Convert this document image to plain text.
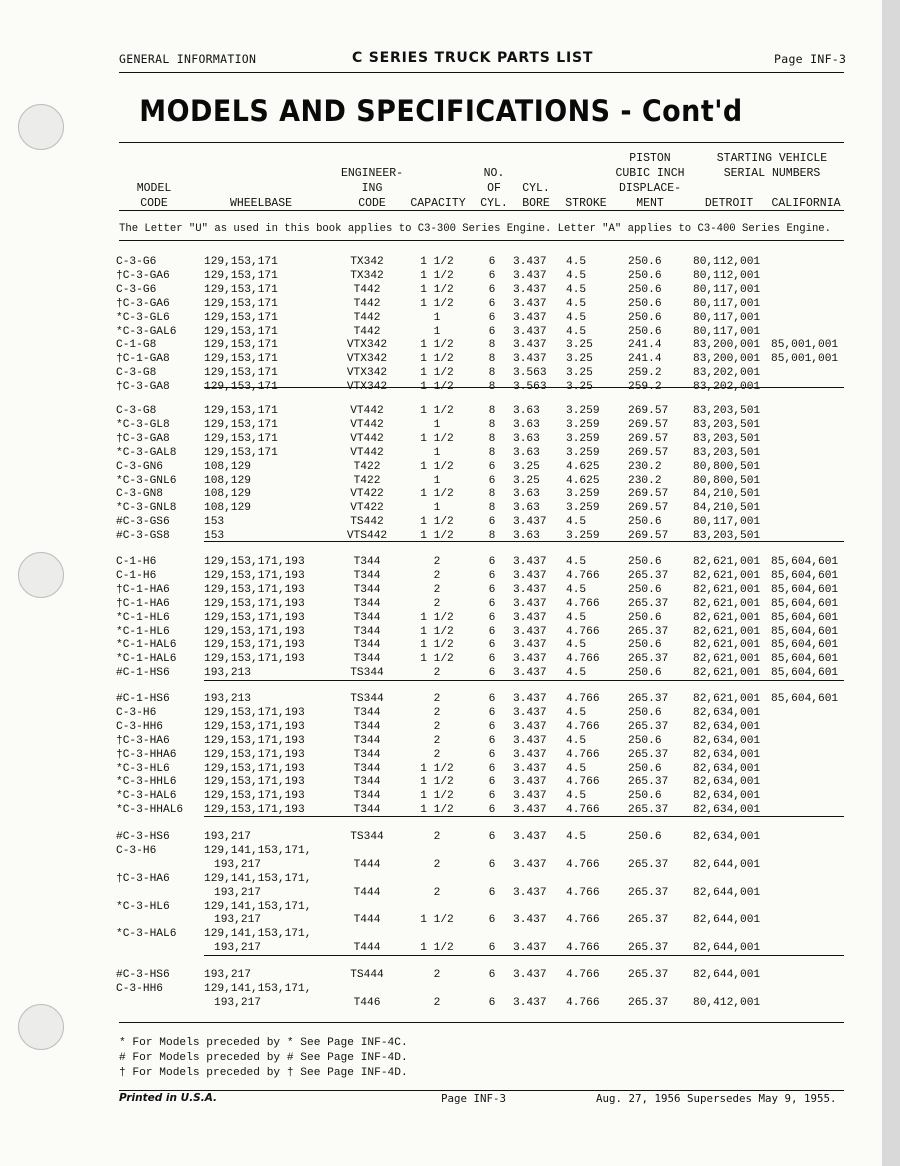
GENERAL INFORMATION	C SERIES TRUCK PARTS LIST	Page INF-3
MODELS AND SPECIFICATIONS - Cont'd
MODEL
CODE	WHEELBASE
ENGINEER-
ING
CODE	CAPACITY
NO.
OF
CYL.
CYL.
BORE	STROKE
PISTON
CUBIC INCH
DISPLACE-
MENT
STARTING VEHICLE
SERIAL NUMBERS
DETROIT	CALIFORNIA
The Letter "U" as used in this book applies to C3-300 Series Engine. Letter "A" applies to C3-400 Series Engine.
C-3-G6	129,153,171	TX342	1 1/2	6	3.437 4.5	250.6	80,112,001
†C-3-GA6	129,153,171	TX342	1 1/2	6	3.437 4.5	250.6	80,112,001
C-3-G6	129,153,171	T442	1 1/2	6	3.437 4.5	250.6	80,117,001
†C-3-GA6	129,153,171	T442	1 1/2	6	3.437 4.5	250.6	80,117,001
*C-3-GL6	129,153,171	T442	1	6	3.437 4.5	250.6	80,117,001
*C-3-GAL6 129,153,171	T442	1	6	3.437 4.5	250.6	80,117,001
C-1-G8	129,153,171	VTX342	1 1/2	8	3.437 3.25	241.4	83,200,001 85,001,001
†C-1-GA8	129,153,171	VTX342	1 1/2	8	3.437 3.25	241.4	83,200,001 85,001,001
C-3-G8	129,153,171	VTX342	1 1/2	8	3.563 3.25	259.2	83,202,001
†C-3-GA8	129,153,171	VTX342	1 1/2	8	3.563 3.25	259.2	83,202,001
C-3-G8	129,153,171	VT442	1 1/2	8	3.63 3.259	269.57 83,203,501
*C-3-GL8	129,153,171	VT442	1	8	3.63 3.259	269.57 83,203,501
†C-3-GA8	129,153,171	VT442	1 1/2	8	3.63 3.259	269.57 83,203,501
*C-3-GAL8 129,153,171	VT442	1	8	3.63 3.259	269.57 83,203,501
C-3-GN6	108,129	T422	1 1/2	6	3.25 4.625	230.2	80,800,501
*C-3-GNL6 108,129	T422	1	6	3.25 4.625	230.2	80,800,501
C-3-GN8	108,129	VT422	1 1/2	8	3.63 3.259	269.57 84,210,501
*C-3-GNL8 108,129	VT422	1	8	3.63 3.259	269.57 84,210,501
#C-3-GS6	153	TS442	1 1/2	6	3.437 4.5	250.6	80,117,001
#C-3-GS8	153	VTS442	1 1/2	8	3.63 3.259	269.57 83,203,501
C-1-H6	129,153,171,193	T344	2	6	3.437 4.5	250.6	82,621,001 85,604,601
C-1-H6	129,153,171,193	T344	2	6	3.437 4.766	265.37 82,621,001 85,604,601
†C-1-HA6	129,153,171,193	T344	2	6	3.437 4.5	250.6	82,621,001 85,604,601
†C-1-HA6	129,153,171,193	T344	2	6	3.437 4.766	265.37 82,621,001 85,604,601
*C-1-HL6	129,153,171,193	T344	1 1/2	6	3.437 4.5	250.6	82,621,001 85,604,601
*C-1-HL6	129,153,171,193	T344	1 1/2	6	3.437 4.766	265.37 82,621,001 85,604,601
*C-1-HAL6 129,153,171,193	T344	1 1/2	6	3.437 4.5	250.6	82,621,001 85,604,601
*C-1-HAL6 129,153,171,193	T344	1 1/2	6	3.437 4.766	265.37 82,621,001 85,604,601
#C-1-HS6	193,213	TS344	2	6	3.437 4.5	250.6	82,621,001 85,604,601
#C-1-HS6	193,213	TS344	2	6	3.437 4.766	265.37 82,621,001 85,604,601
C-3-H6	129,153,171,193	T344	2	6	3.437 4.5	250.6	82,634,001
C-3-HH6	129,153,171,193	T344	2	6	3.437 4.766	265.37 82,634,001
†C-3-HA6	129,153,171,193	T344	2	6	3.437 4.5	250.6	82,634,001
†C-3-HHA6 129,153,171,193	T344	2	6	3.437 4.766	265.37 82,634,001
*C-3-HL6	129,153,171,193	T344	1 1/2	6	3.437 4.5	250.6	82,634,001
*C-3-HHL6 129,153,171,193	T344	1 1/2	6	3.437 4.766	265.37 82,634,001
*C-3-HAL6 129,153,171,193	T344	1 1/2	6	3.437 4.5	250.6	82,634,001
*C-3-HHAL6 129,153,171,193	T344	1 1/2	6	3.437 4.766	265.37 82,634,001
#C-3-HS6	193,217	TS344	2	6	3.437 4.5	250.6	82,634,001
C-3-H6	129,141,153,171,
193,217	T444	2	6	3.437 4.766	265.37 82,644,001
†C-3-HA6	129,141,153,171,
193,217	T444	2	6	3.437 4.766	265.37 82,644,001
*C-3-HL6	129,141,153,171,
193,217	T444	1 1/2	6	3.437 4.766	265.37 82,644,001
*C-3-HAL6 129,141,153,171,
193,217	T444	1 1/2	6	3.437 4.766	265.37 82,644,001
#C-3-HS6	193,217	TS444	2	6	3.437 4.766	265.37 82,644,001
C-3-HH6	129,141,153,171,
193,217	T446	2	6	3.437 4.766	265.37 80,412,001
* For Models preceded by * See Page INF-4C.
# For Models preceded by # See Page INF-4D.
† For Models preceded by † See Page INF-4D.
Printed in U.S.A.	Page INF-3	Aug. 27, 1956 Supersedes May 9, 1955.
